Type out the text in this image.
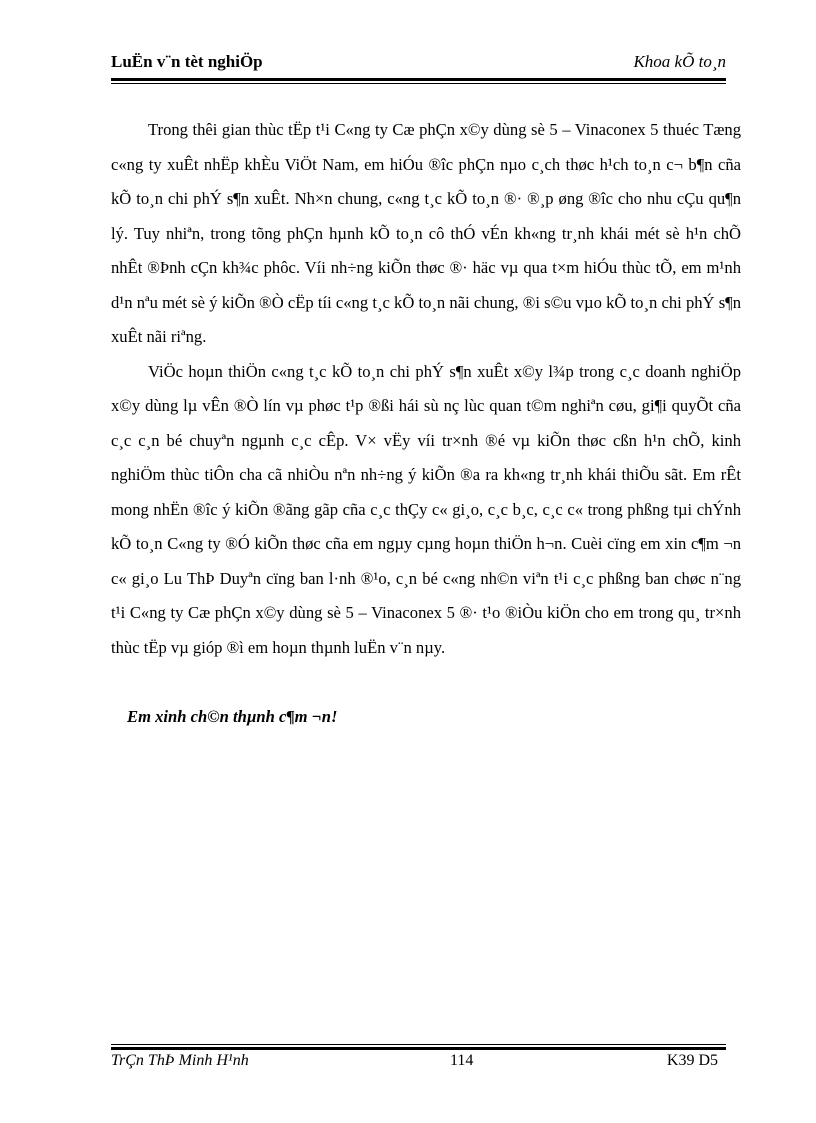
LuËn v¨n tèt nghiÖp	Khoa kÕ to¸n

Trong thêi gian thùc tËp t¹i C«ng ty Cæ phÇn x©y dùng sè 5 – Vinaconex 5 thuéc Tæng c«ng ty xuÊt nhËp khÈu ViÖt Nam, em hiÓu ®îc phÇn nµo c¸ch thøc h¹ch to¸n c¬ b¶n cña kÕ to¸n chi phÝ s¶n xuÊt. Nh×n chung, c«ng t¸c kÕ to¸n ®· ®¸p øng ®îc cho nhu cÇu qu¶n lý. Tuy nhiªn, trong tõng phÇn hµnh kÕ to¸n cô thÓ vÉn kh«ng tr¸nh khái mét sè h¹n chÕ nhÊt ®Þnh cÇn kh¾c phôc. Víi nh÷ng kiÕn thøc ®· häc vµ qua t×m hiÓu thùc tÕ, em m¹nh d¹n nªu mét sè ý kiÕn ®Ò cËp tíi c«ng t¸c kÕ to¸n nãi chung, ®i s©u vµo kÕ to¸n chi phÝ s¶n xuÊt nãi riªng.

ViÖc hoµn thiÖn c«ng t¸c kÕ to¸n chi phÝ s¶n xuÊt x©y l¾p trong c¸c doanh nghiÖp x©y dùng lµ vÊn ®Ò lín vµ phøc t¹p ®ßi hái sù nç lùc quan t©m nghiªn cøu, gi¶i quyÕt cña c¸c c¸n bé chuyªn ngµnh c¸c cÊp. V× vËy víi tr×nh ®é vµ kiÕn thøc cßn h¹n chÕ, kinh nghiÖm thùc tiÔn cha cã nhiÒu nªn nh÷ng ý kiÕn ®a ra kh«ng tr¸nh khái thiÕu sãt. Em rÊt mong nhËn ®îc ý kiÕn ®ãng gãp cña c¸c thÇy c« gi¸o, c¸c b¸c, c¸c c« trong phßng tµi chÝnh kÕ to¸n C«ng ty ®Ó kiÕn thøc cña em ngµy cµng hoµn thiÖn h¬n. Cuèi cïng em xin c¶m ¬n c« gi¸o Lu ThÞ Duyªn cïng ban l·nh ®¹o, c¸n bé c«ng nh©n viªn t¹i c¸c phßng ban chøc n¨ng t¹i C«ng ty Cæ phÇn x©y dùng sè 5 – Vinaconex 5 ®· t¹o ®iÒu kiÖn cho em trong qu¸ tr×nh thùc tËp vµ gióp ®ì em hoµn thµnh luËn v¨n nµy.

Em xinh ch©n thµnh c¶m ¬n!
TrÇn ThÞ Minh H¹nh	114	K39 D5
